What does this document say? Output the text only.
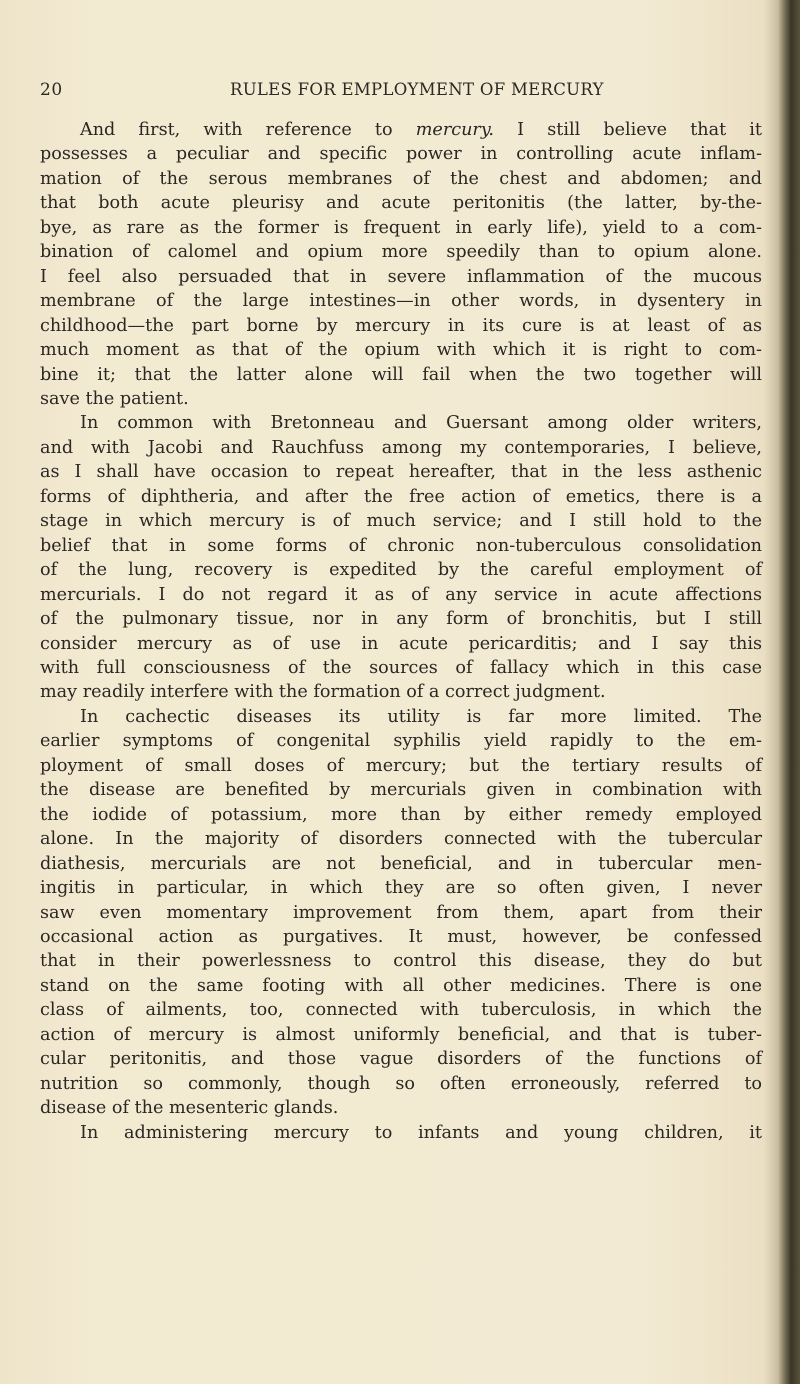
20	RULES FOR EMPLOYMENT OF MERCURY
And first, with reference to mercury. I still believe that it
possesses a peculiar and specific power in controlling acute inflam-
mation of the serous membranes of the chest and abdomen; and
that both acute pleurisy and acute peritonitis (the latter, by-the-
bye, as rare as the former is frequent in early life), yield to a com-
bination of calomel and opium more speedily than to opium alone.
I feel also persuaded that in severe inflammation of the mucous
membrane of the large intestines—in other words, in dysentery in
childhood—the part borne by mercury in its cure is at least of as
much moment as that of the opium with which it is right to com-
bine it; that the latter alone will fail when the two together will
save the patient.
In common with Bretonneau and Guersant among older writers,
and with Jacobi and Rauchfuss among my contemporaries, I believe,
as I shall have occasion to repeat hereafter, that in the less asthenic
forms of diphtheria, and after the free action of emetics, there is a
stage in which mercury is of much service; and I still hold to the
belief that in some forms of chronic non-tuberculous consolidation
of the lung, recovery is expedited by the careful employment of
mercurials. I do not regard it as of any service in acute affections
of the pulmonary tissue, nor in any form of bronchitis, but I still
consider mercury as of use in acute pericarditis; and I say this
with full consciousness of the sources of fallacy which in this case
may readily interfere with the formation of a correct judgment.
In cachectic diseases its utility is far more limited. The
earlier symptoms of congenital syphilis yield rapidly to the em-
ployment of small doses of mercury; but the tertiary results of
the disease are benefited by mercurials given in combination with
the iodide of potassium, more than by either remedy employed
alone. In the majority of disorders connected with the tubercular
diathesis, mercurials are not beneficial, and in tubercular men-
ingitis in particular, in which they are so often given, I never
saw even momentary improvement from them, apart from their
occasional action as purgatives. It must, however, be confessed
that in their powerlessness to control this disease, they do but
stand on the same footing with all other medicines. There is one
class of ailments, too, connected with tuberculosis, in which the
action of mercury is almost uniformly beneficial, and that is tuber-
cular peritonitis, and those vague disorders of the functions of
nutrition so commonly, though so often erroneously, referred to
disease of the mesenteric glands.
In administering mercury to infants and young children, it
